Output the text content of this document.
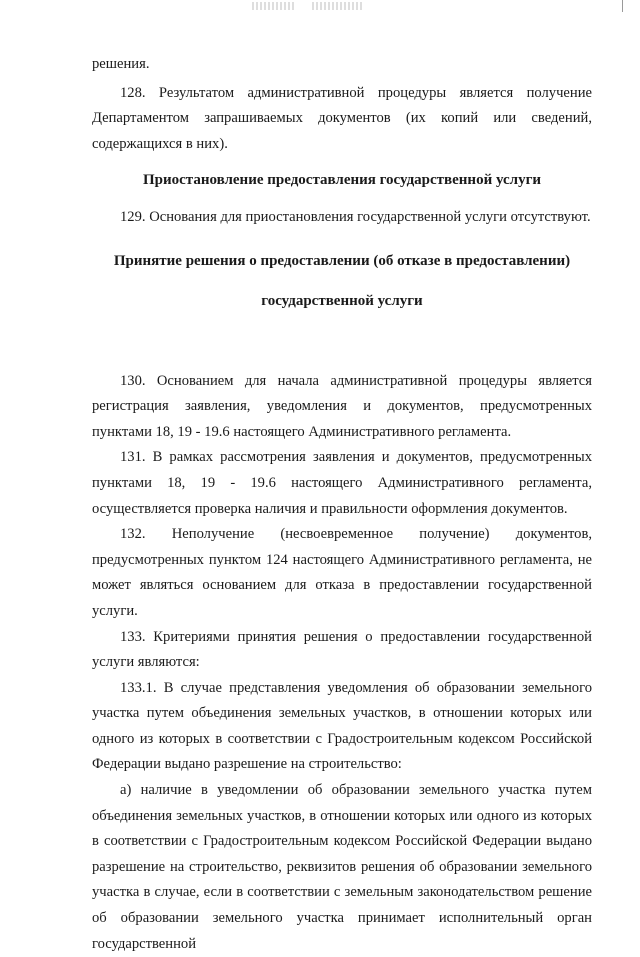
решения.

128. Результатом административной процедуры является получение Департаментом запрашиваемых документов (их копий или сведений, содержащихся в них).

Приостановление предоставления государственной услуги

129. Основания для приостановления государственной услуги отсутствуют.

Принятие решения о предоставлении (об отказе в предоставлении) государственной услуги

130. Основанием для начала административной процедуры является регистрация заявления, уведомления и документов, предусмотренных пунктами 18, 19 - 19.6 настоящего Административного регламента.

131. В рамках рассмотрения заявления и документов, предусмотренных пунктами 18, 19 - 19.6 настоящего Административного регламента, осуществляется проверка наличия и правильности оформления документов.

132. Неполучение (несвоевременное получение) документов, предусмотренных пунктом 124 настоящего Административного регламента, не может являться основанием для отказа в предоставлении государственной услуги.

133. Критериями принятия решения о предоставлении государственной услуги являются:

133.1. В случае представления уведомления об образовании земельного участка путем объединения земельных участков, в отношении которых или одного из которых в соответствии с Градостроительным кодексом Российской Федерации выдано разрешение на строительство:

а) наличие в уведомлении об образовании земельного участка путем объединения земельных участков, в отношении которых или одного из которых в соответствии с Градостроительным кодексом Российской Федерации выдано разрешение на строительство, реквизитов решения об образовании земельного участка в случае, если в соответствии с земельным законодательством решение об образовании земельного участка принимает исполнительный орган государственной
